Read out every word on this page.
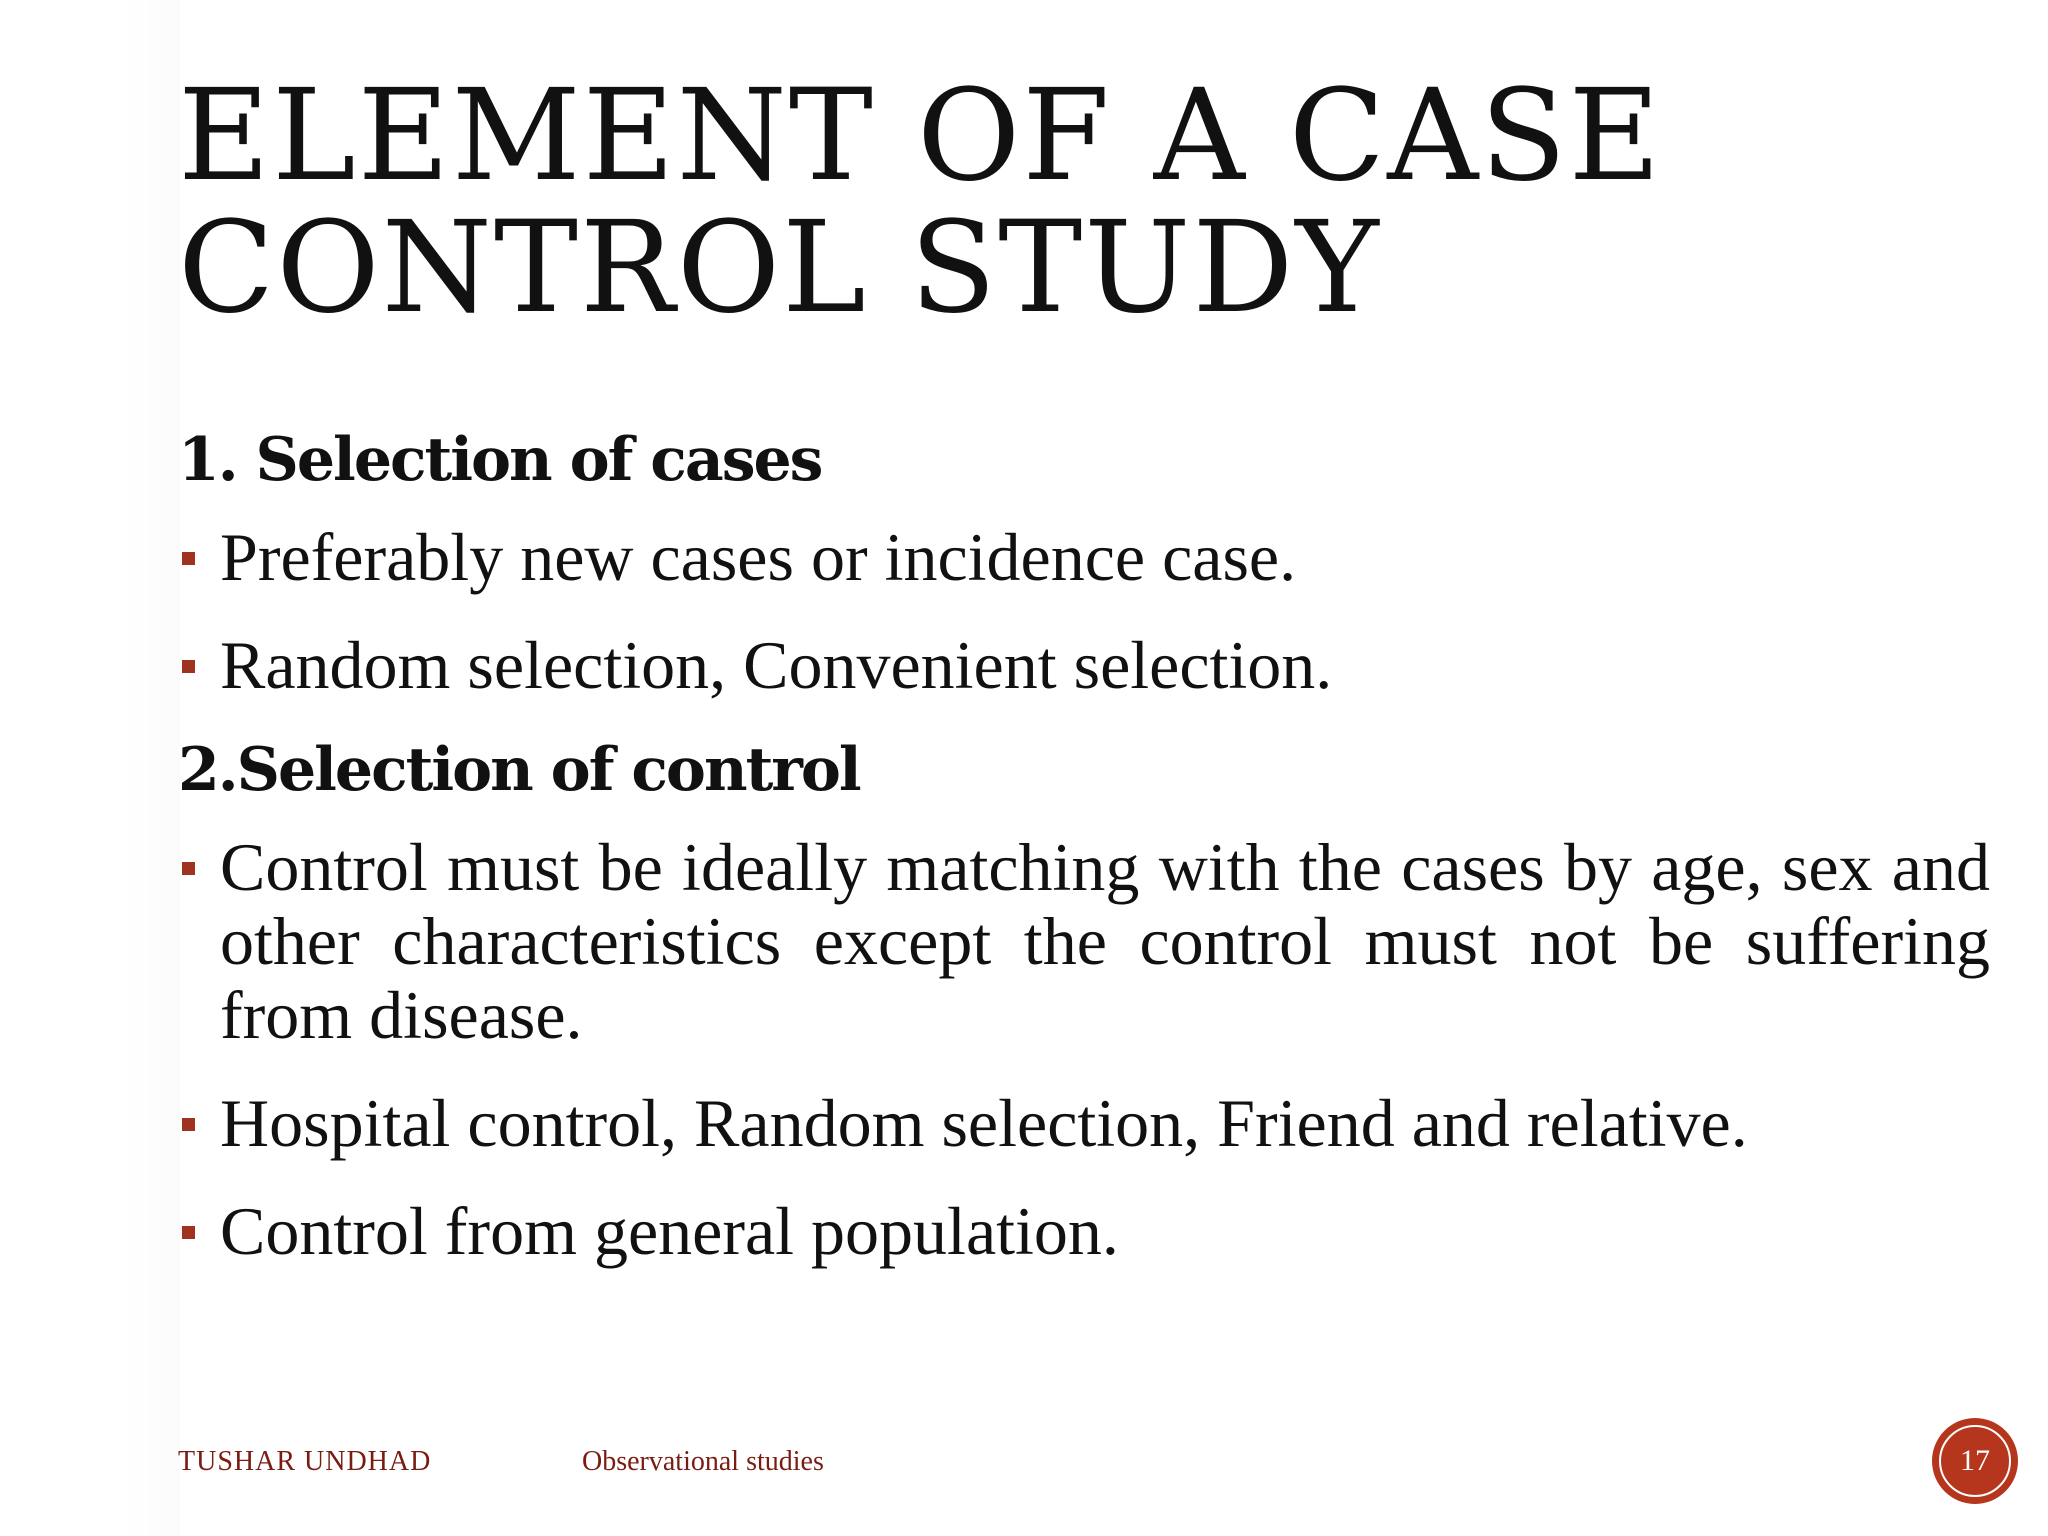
ELEMENT OF A CASE
CONTROL STUDY

1. Selection of cases

Preferably new cases or incidence case.

Random selection, Convenient selection.

2.Selection of control

Control must be ideally matching with the cases by age, sex and other characteristics except the control must not be suffering from disease.

Hospital control, Random selection, Friend and relative.

Control from general population.

TUSHAR UNDHAD	Observational studies	17
